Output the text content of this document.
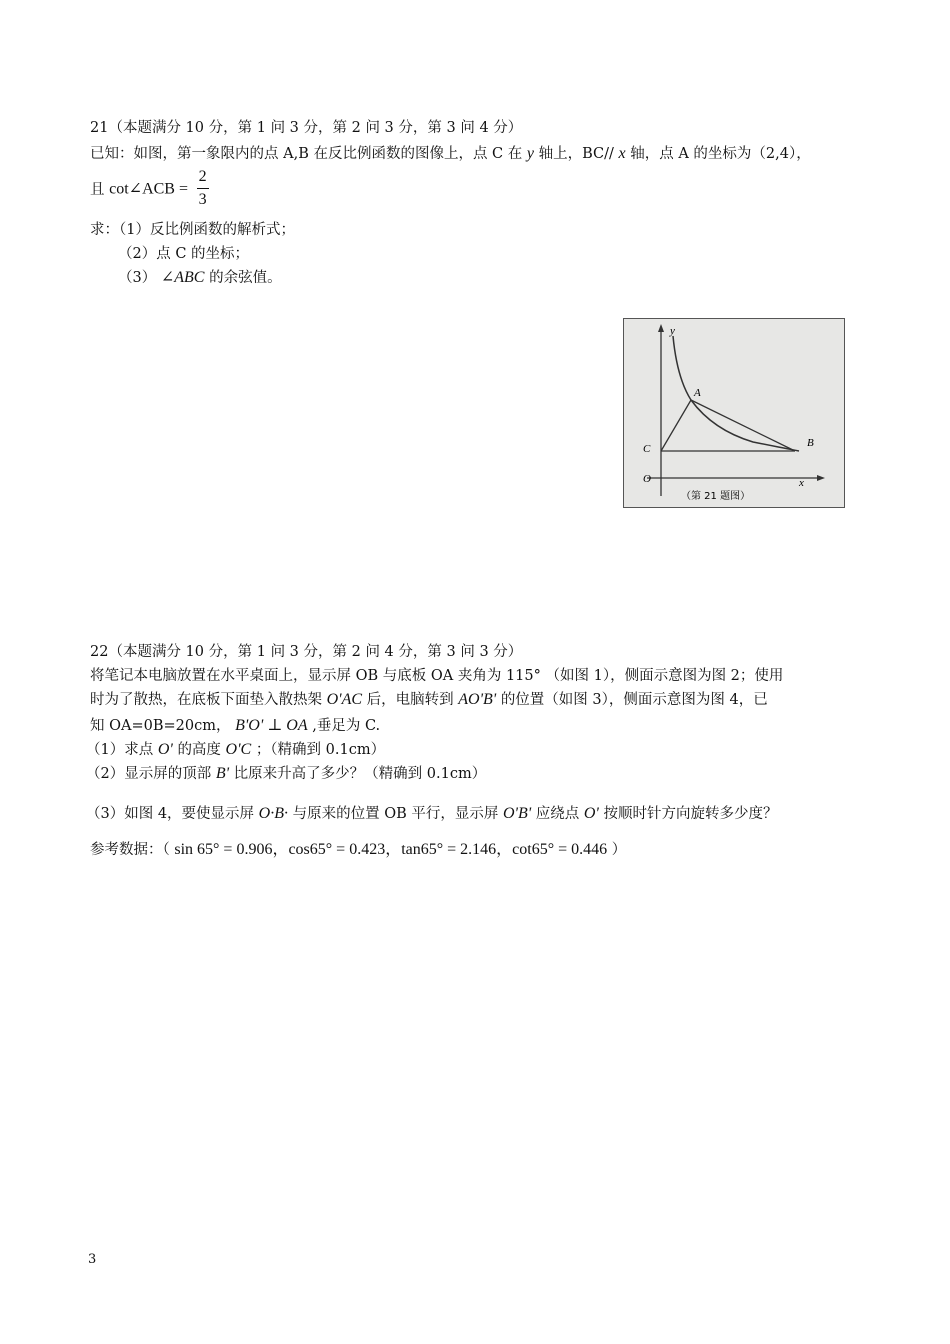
21（本题满分 10 分，第 1 问 3 分，第 2 问 3 分，第 3 问 4 分）
已知：如图，第一象限内的点 A,B 在反比例函数的图像上，点 C 在 y 轴上，BC// x 轴，点 A 的坐标为（2,4），
且 cot∠ACB = $\frac{2}{3}$
求：（1）反比例函数的解析式；
（2）点 C 的坐标；
（3） ∠ABC 的余弦值。
y
x
O
C
A
B
（第 21 题图）
22（本题满分 10 分，第 1 问 3 分，第 2 问 4 分，第 3 问 3 分）
将笔记本电脑放置在水平桌面上，显示屏 OB 与底板 OA 夹角为 115° （如图 1），侧面示意图为图 2；使用
时为了散热，在底板下面垫入散热架 O'AC 后，电脑转到 AO'B' 的位置（如图 3），侧面示意图为图 4，已
知 OA=0B=20cm， B'O' ⊥ OA ,垂足为 C.
（1）求点 O' 的高度 O'C ；（精确到 0.1cm）
（2）显示屏的顶部 B' 比原来升高了多少？（精确到 0.1cm）
（3）如图 4，要使显示屏 O·B· 与原来的位置 OB 平行，显示屏 O'B' 应绕点 O' 按顺时针方向旋转多少度？
参考数据：（ sin 65° = 0.906，cos65° = 0.423，tan65° = 2.146，cot65° = 0.446 ）
3
